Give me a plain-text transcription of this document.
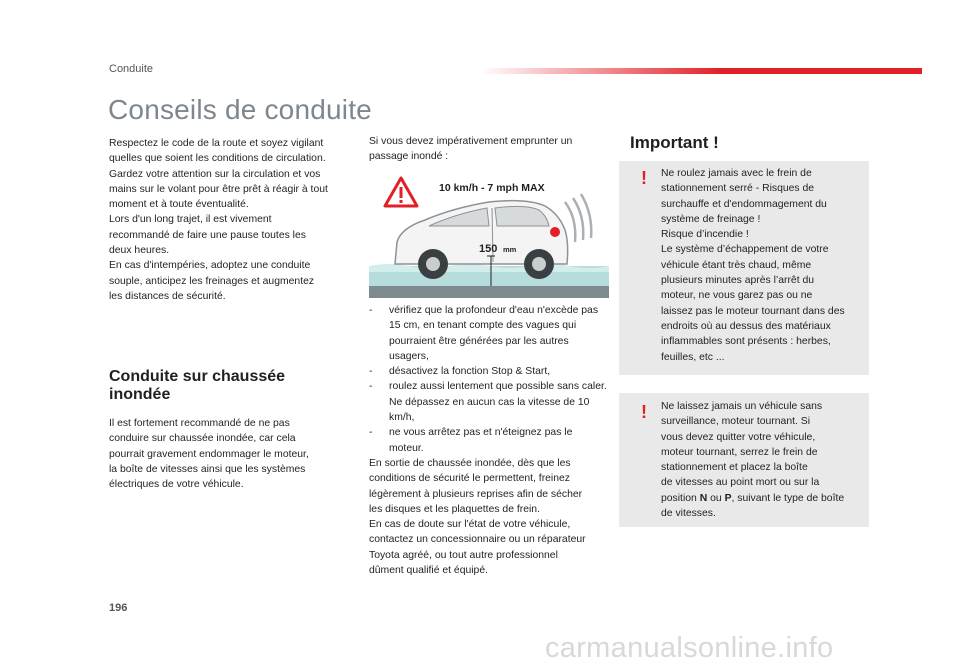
Conduite
Conseils de conduite
Respectez le code de la route et soyez vigilant
quelles que soient les conditions de circulation.
Gardez votre attention sur la circulation et vos
mains sur le volant pour être prêt à réagir à tout
moment et à toute éventualité.
Lors d'un long trajet, il est vivement
recommandé de faire une pause toutes les
deux heures.
En cas d'intempéries, adoptez une conduite
souple, anticipez les freinages et augmentez
les distances de sécurité.
Conduite sur chaussée inondée
Il est fortement recommandé de ne pas
conduire sur chaussée inondée, car cela
pourrait gravement endommager le moteur,
la boîte de vitesses ainsi que les systèmes
électriques de votre véhicule.
Si vous devez impérativement emprunter un
passage inondé :
10 km/h - 7 mph MAX
150 mm
- vérifiez que la profondeur d'eau n'excède pas 15 cm, en tenant compte des vagues qui pourraient être générées par les autres usagers,
- désactivez la fonction Stop & Start,
- roulez aussi lentement que possible sans caler. Ne dépassez en aucun cas la vitesse de 10 km/h,
- ne vous arrêtez pas et n'éteignez pas le moteur.
En sortie de chaussée inondée, dès que les
conditions de sécurité le permettent, freinez
légèrement à plusieurs reprises afin de sécher
les disques et les plaquettes de frein.
En cas de doute sur l'état de votre véhicule,
contactez un concessionnaire ou un réparateur
Toyota agréé, ou tout autre professionnel
dûment qualifié et équipé.
Important !
! Ne roulez jamais avec le frein de
stationnement serré - Risques de
surchauffe et d'endommagement du
système de freinage !
Risque d’incendie !
Le système d’échappement de votre
véhicule étant très chaud, même
plusieurs minutes après l’arrêt du
moteur, ne vous garez pas ou ne
laissez pas le moteur tournant dans des
endroits où au dessus des matériaux
inflammables sont présents : herbes,
feuilles, etc ...
! Ne laissez jamais un véhicule sans
surveillance, moteur tournant. Si
vous devez quitter votre véhicule,
moteur tournant, serrez le frein de
stationnement et placez la boîte
de vitesses au point mort ou sur la
position N ou P, suivant le type de boîte
de vitesses.
196
carmanualsonline.info
